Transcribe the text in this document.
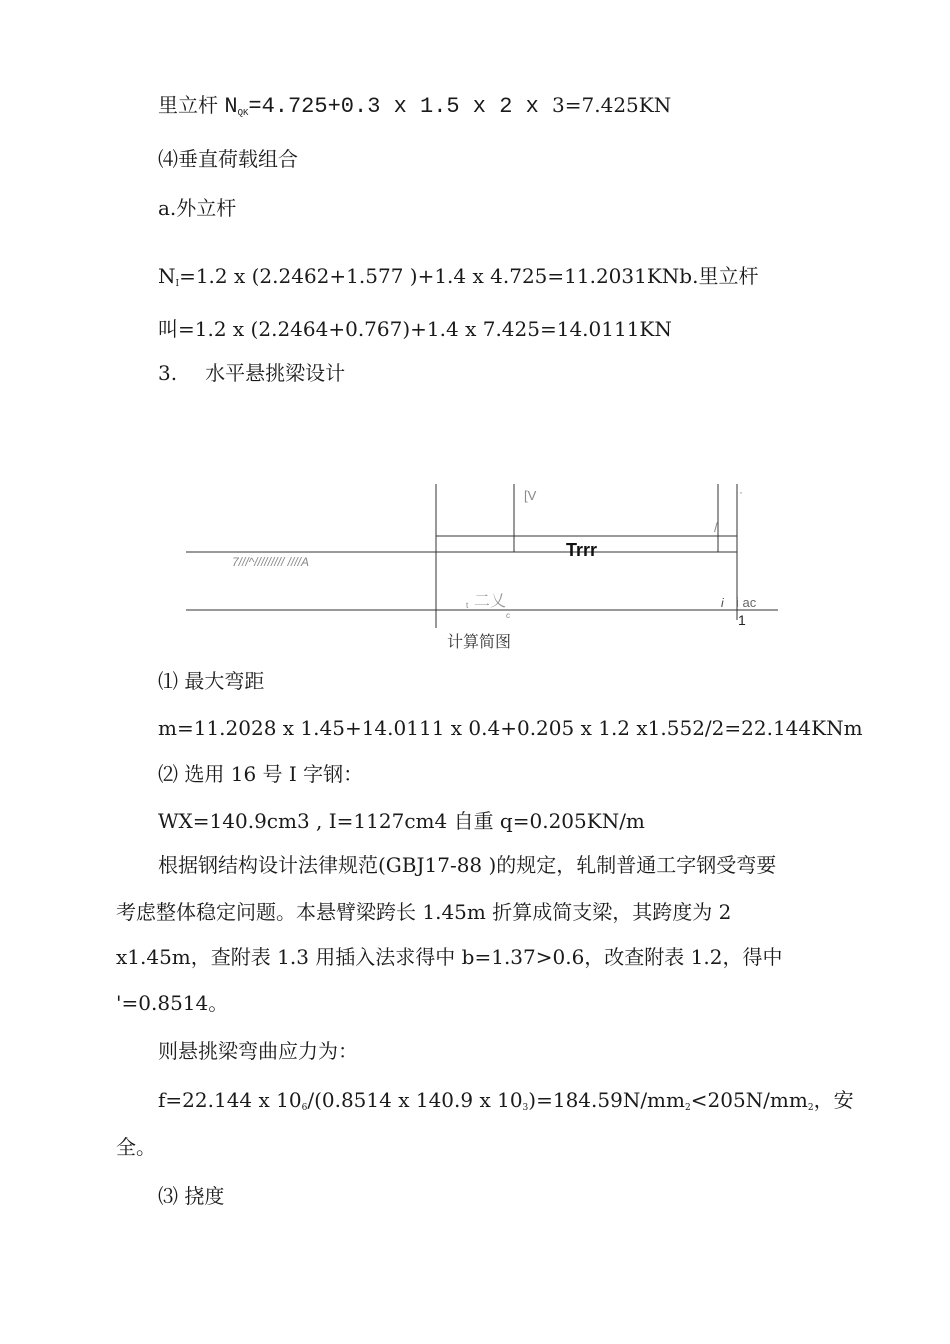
里立杆 $N_{QK}=4.725+0.3$ x 1.5 x 2 x 3=7.425KN
⑷垂直荷载组合
a.外立杆
$N_I=1.2$ x (2.2462+1.577 )+1.4 x 4.725=11.2031KNb.里立杆
叫=1.2 x (2.2464+0.767)+1.4 x 7.425=14.0111KN
3. 水平悬挑梁设计
[V	·
/
Trrr
7///^///////// ////A
t 二乂
c
i i ac
1
计算简图
⑴ 最大弯距
m=11.2028 x 1.45+14.0111 x 0.4+0.205 x 1.2 x1.552/2=22.144KNm
⑵ 选用 16 号 I 字钢：
WX=140.9cm3 , I=1127cm4 自重 q=0.205KN/m
根据钢结构设计法律规范(GBJ17-88 )的规定，轧制普通工字钢受弯要
考虑整体稳定问题。本悬臂梁跨长 1.45m 折算成简支梁，其跨度为 2
x1.45m，查附表 1.3 用插入法求得中 b=1.37>0.6，改查附表 1.2，得中
'=0.8514。
则悬挑梁弯曲应力为：
f=22.144 x $10_6/(0.8514$ x 140.9 x $10_3)=184.59N/mm_2<205N/mm_2$，安
全。
⑶ 挠度
